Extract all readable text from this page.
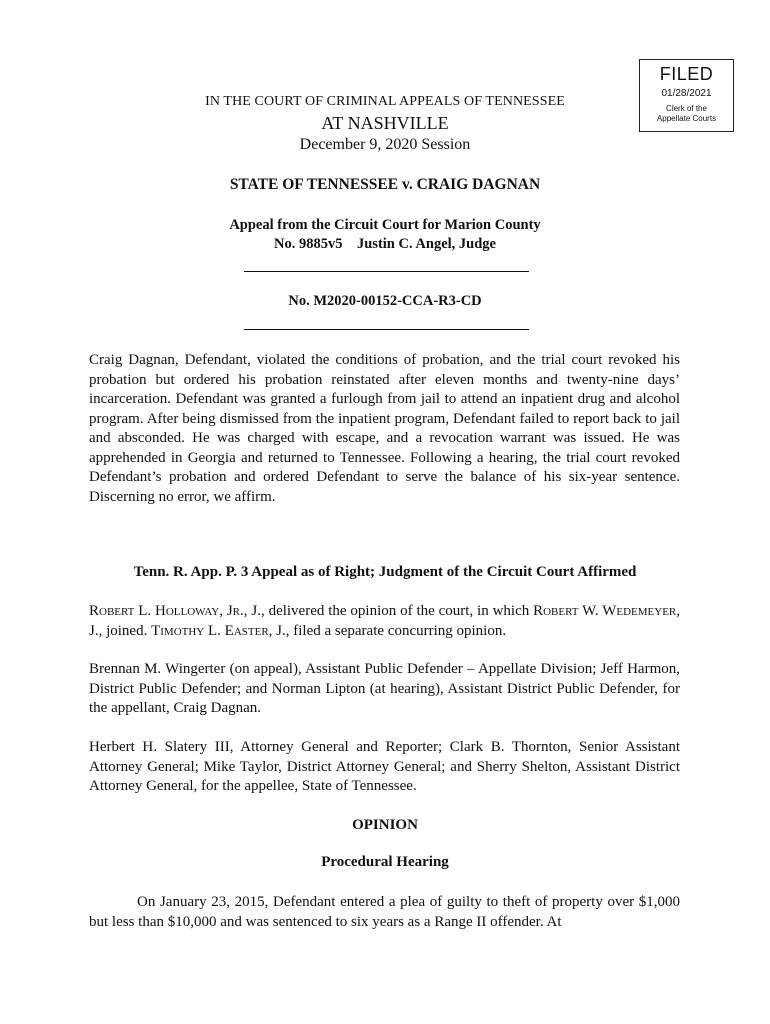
FILED
01/28/2021
Clerk of the
Appellate Courts
IN THE COURT OF CRIMINAL APPEALS OF TENNESSEE
AT NASHVILLE
December 9, 2020 Session
STATE OF TENNESSEE v. CRAIG DAGNAN
Appeal from the Circuit Court for Marion County
No. 9885v5    Justin C. Angel, Judge
No. M2020-00152-CCA-R3-CD

Craig Dagnan, Defendant, violated the conditions of probation, and the trial court revoked his probation but ordered his probation reinstated after eleven months and twenty-nine days’ incarceration. Defendant was granted a furlough from jail to attend an inpatient drug and alcohol program. After being dismissed from the inpatient program, Defendant failed to report back to jail and absconded. He was charged with escape, and a revocation warrant was issued. He was apprehended in Georgia and returned to Tennessee. Following a hearing, the trial court revoked Defendant’s probation and ordered Defendant to serve the balance of his six-year sentence. Discerning no error, we affirm.

Tenn. R. App. P. 3 Appeal as of Right; Judgment of the Circuit Court Affirmed

Robert L. Holloway, Jr., J., delivered the opinion of the court, in which Robert W. Wedemeyer, J., joined. Timothy L. Easter, J., filed a separate concurring opinion.

Brennan M. Wingerter (on appeal), Assistant Public Defender – Appellate Division; Jeff Harmon, District Public Defender; and Norman Lipton (at hearing), Assistant District Public Defender, for the appellant, Craig Dagnan.

Herbert H. Slatery III, Attorney General and Reporter; Clark B. Thornton, Senior Assistant Attorney General; Mike Taylor, District Attorney General; and Sherry Shelton, Assistant District Attorney General, for the appellee, State of Tennessee.

OPINION
Procedural Hearing

On January 23, 2015, Defendant entered a plea of guilty to theft of property over $1,000 but less than $10,000 and was sentenced to six years as a Range II offender. At
